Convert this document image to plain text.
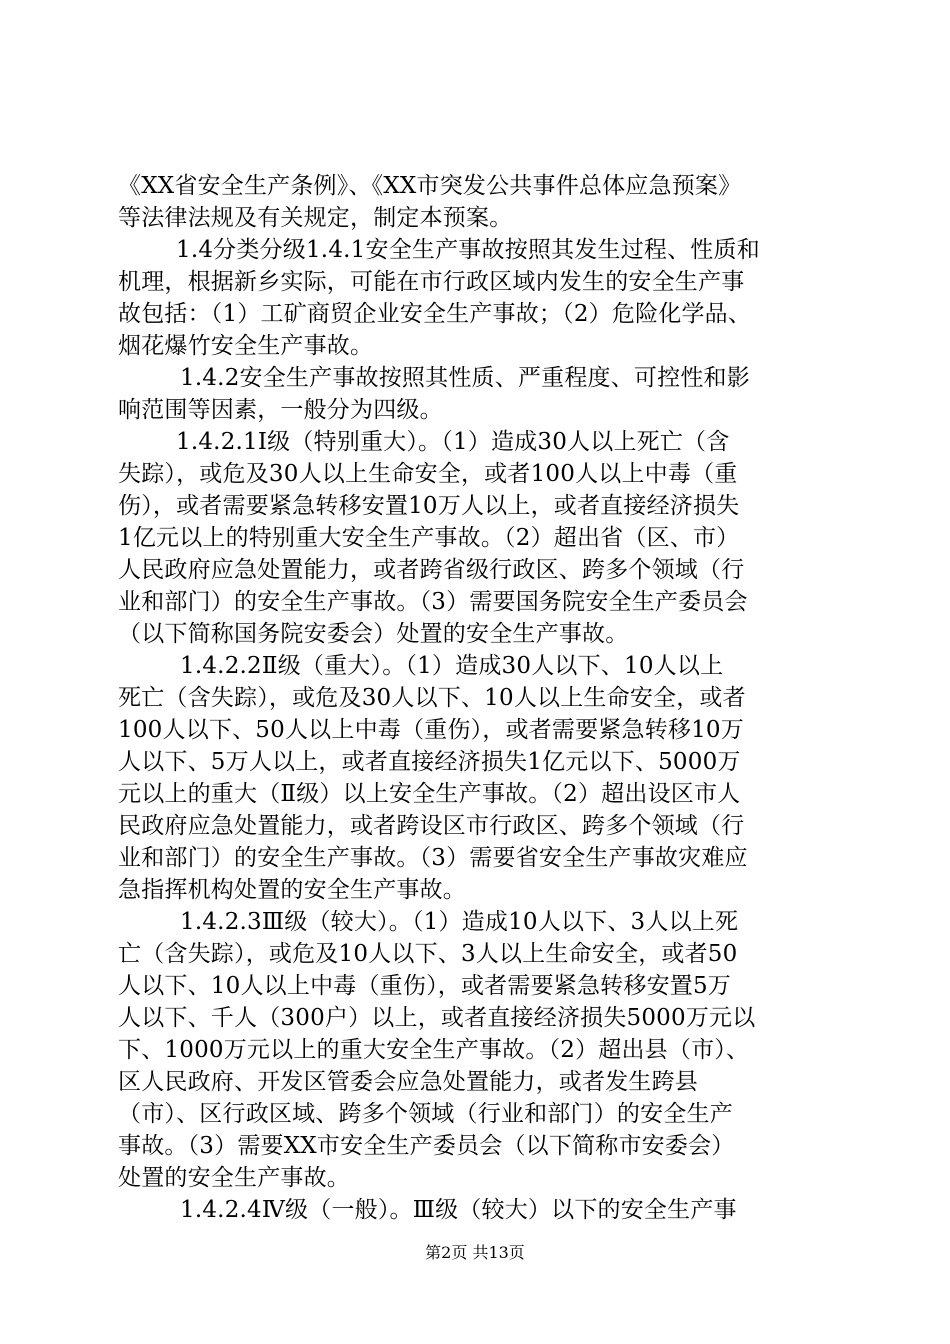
《XX省安全生产条例》、《XX市突发公共事件总体应急预案》
等法律法规及有关规定，制定本预案。
1.4分类分级1.4.1安全生产事故按照其发生过程、性质和
机理，根据新乡实际，可能在市行政区域内发生的安全生产事
故包括：（1）工矿商贸企业安全生产事故；（2）危险化学品、
烟花爆竹安全生产事故。
1.4.2安全生产事故按照其性质、严重程度、可控性和影
响范围等因素，一般分为四级。
1.4.2.1Ⅰ级（特别重大）。（1）造成30人以上死亡（含
失踪），或危及30人以上生命安全，或者100人以上中毒（重
伤），或者需要紧急转移安置10万人以上，或者直接经济损失
1亿元以上的特别重大安全生产事故。（2）超出省（区、市）
人民政府应急处置能力，或者跨省级行政区、跨多个领域（行
业和部门）的安全生产事故。（3）需要国务院安全生产委员会
（以下简称国务院安委会）处置的安全生产事故。
1.4.2.2Ⅱ级（重大）。（1）造成30人以下、10人以上
死亡（含失踪），或危及30人以下、10人以上生命安全，或者
100人以下、50人以上中毒（重伤），或者需要紧急转移10万
人以下、5万人以上，或者直接经济损失1亿元以下、5000万
元以上的重大（Ⅱ级）以上安全生产事故。（2）超出设区市人
民政府应急处置能力，或者跨设区市行政区、跨多个领域（行
业和部门）的安全生产事故。（3）需要省安全生产事故灾难应
急指挥机构处置的安全生产事故。
1.4.2.3Ⅲ级（较大）。（1）造成10人以下、3人以上死
亡（含失踪），或危及10人以下、3人以上生命安全，或者50
人以下、10人以上中毒（重伤），或者需要紧急转移安置5万
人以下、千人（300户）以上，或者直接经济损失5000万元以
下、1000万元以上的重大安全生产事故。（2）超出县（市）、
区人民政府、开发区管委会应急处置能力，或者发生跨县
（市）、区行政区域、跨多个领域（行业和部门）的安全生产
事故。（3）需要XX市安全生产委员会（以下简称市安委会）
处置的安全生产事故。
1.4.2.4Ⅳ级（一般）。Ⅲ级（较大）以下的安全生产事
第2页 共13页
